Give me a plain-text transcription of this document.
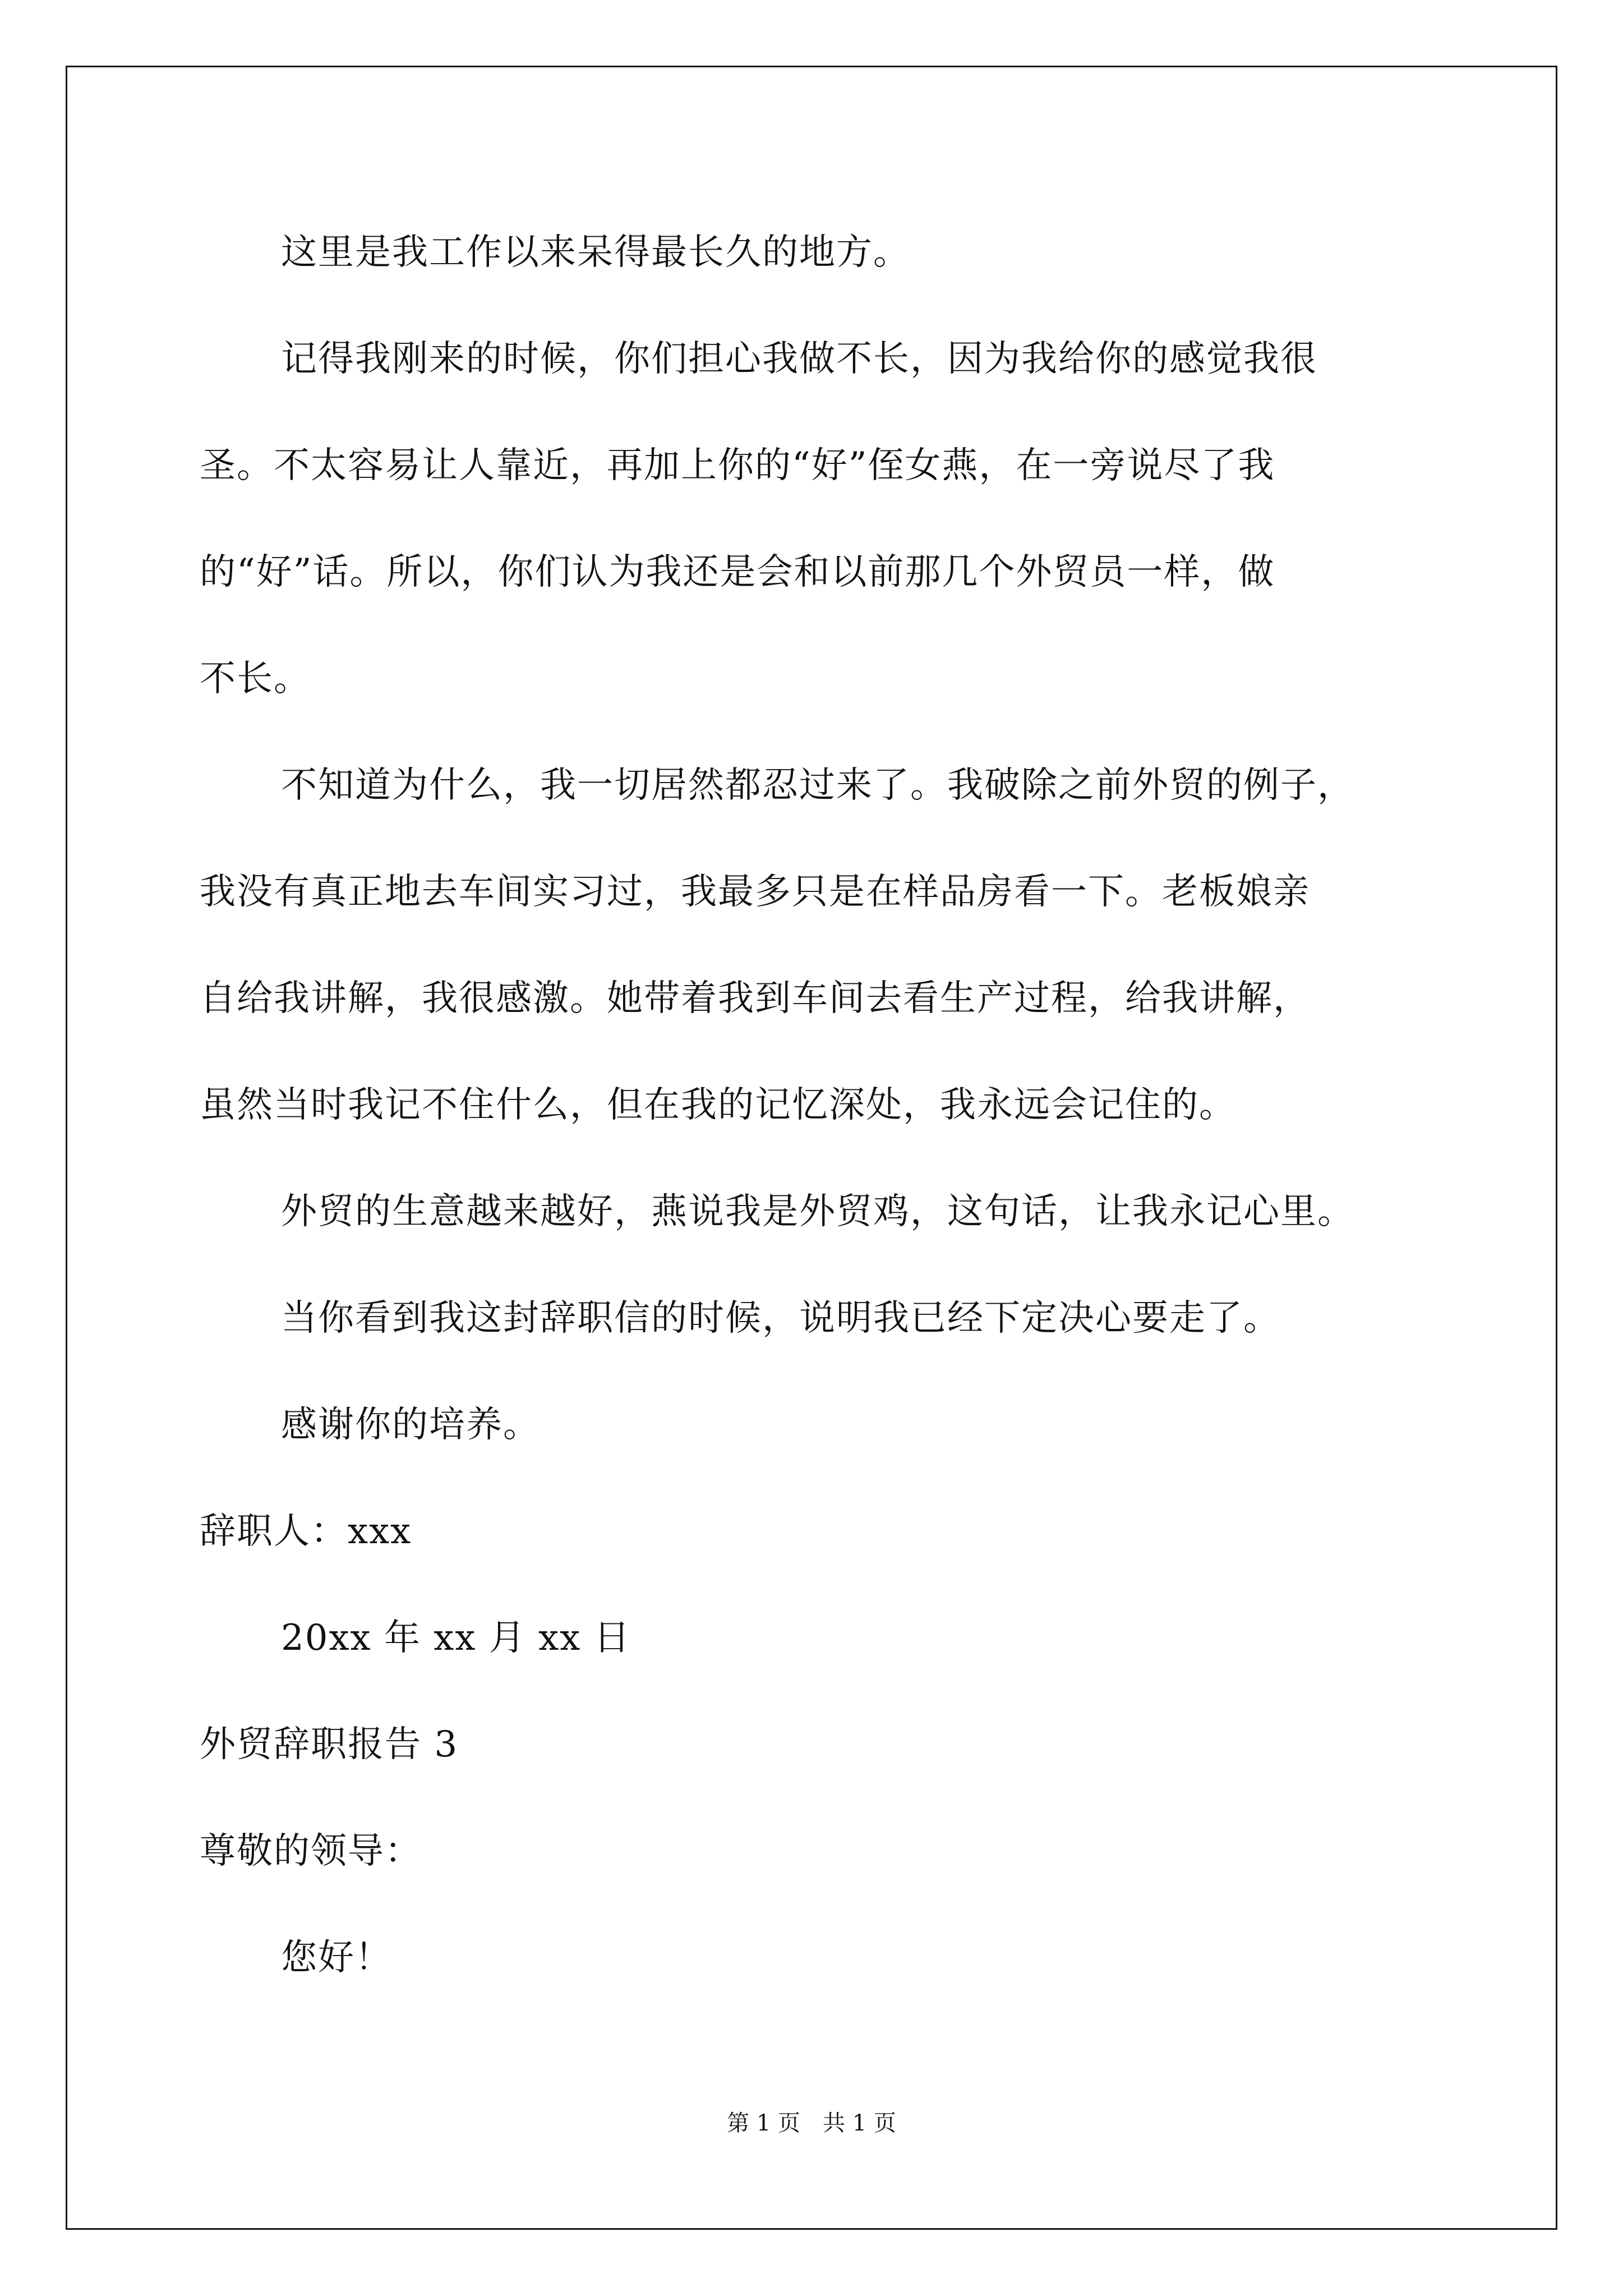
这里是我工作以来呆得最长久的地方。
记得我刚来的时候，你们担心我做不长，因为我给你的感觉我很
圣。不太容易让人靠近，再加上你的“好”侄女燕，在一旁说尽了我
的“好”话。所以，你们认为我还是会和以前那几个外贸员一样，做
不长。
不知道为什么，我一切居然都忍过来了。我破除之前外贸的例子，
我没有真正地去车间实习过，我最多只是在样品房看一下。老板娘亲
自给我讲解，我很感激。她带着我到车间去看生产过程，给我讲解，
虽然当时我记不住什么，但在我的记忆深处，我永远会记住的。
外贸的生意越来越好，燕说我是外贸鸡，这句话，让我永记心里。
当你看到我这封辞职信的时候，说明我已经下定决心要走了。
感谢你的培养。
辞职人：xxx
20xx 年 xx 月 xx 日
外贸辞职报告 3
尊敬的领导：
您好！
第 1 页 共 1 页
